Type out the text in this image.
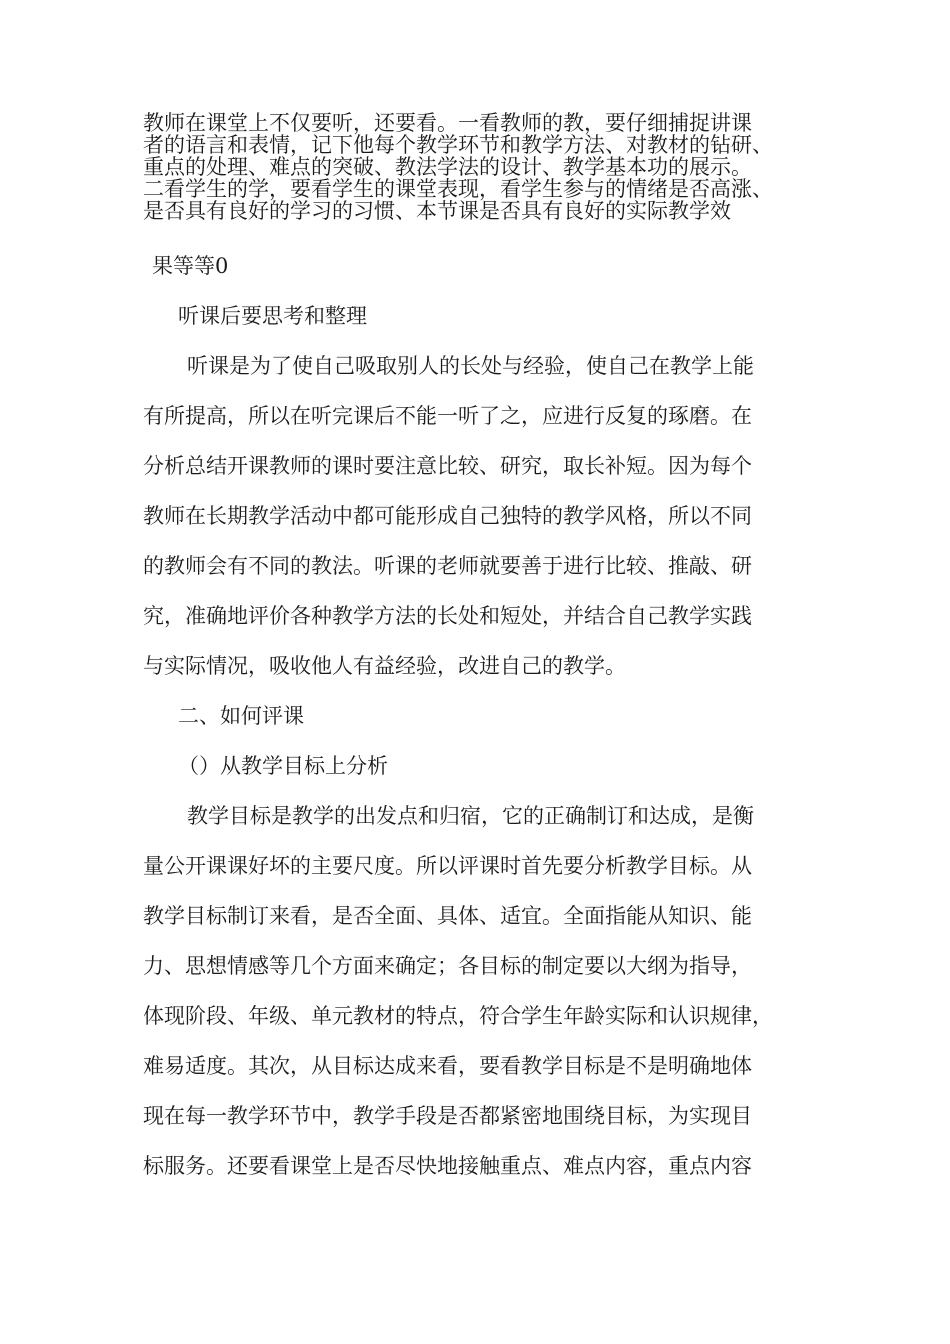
教师在课堂上不仅要听，还要看。一看教师的教，要仔细捕捉讲课
者的语言和表情，记下他每个教学环节和教学方法、对教材的钻研、
重点的处理、难点的突破、教法学法的设计、教学基本功的展示。
二看学生的学，要看学生的课堂表现，看学生参与的情绪是否高涨、
是否具有良好的学习的习惯、本节课是否具有良好的实际教学效
果等等0
听课后要思考和整理
听课是为了使自己吸取别人的长处与经验，使自己在教学上能
有所提高，所以在听完课后不能一听了之，应进行反复的琢磨。在
分析总结开课教师的课时要注意比较、研究，取长补短。因为每个
教师在长期教学活动中都可能形成自己独特的教学风格，所以不同
的教师会有不同的教法。听课的老师就要善于进行比较、推敲、研
究，准确地评价各种教学方法的长处和短处，并结合自己教学实践
与实际情况，吸收他人有益经验，改进自己的教学。
二、如何评课
（）从教学目标上分析
教学目标是教学的出发点和归宿，它的正确制订和达成，是衡
量公开课课好坏的主要尺度。所以评课时首先要分析教学目标。从
教学目标制订来看，是否全面、具体、适宜。全面指能从知识、能
力、思想情感等几个方面来确定；各目标的制定要以大纲为指导，
体现阶段、年级、单元教材的特点，符合学生年龄实际和认识规律，
难易适度。其次，从目标达成来看，要看教学目标是不是明确地体
现在每一教学环节中，教学手段是否都紧密地围绕目标，为实现目
标服务。还要看课堂上是否尽快地接触重点、难点内容，重点内容
